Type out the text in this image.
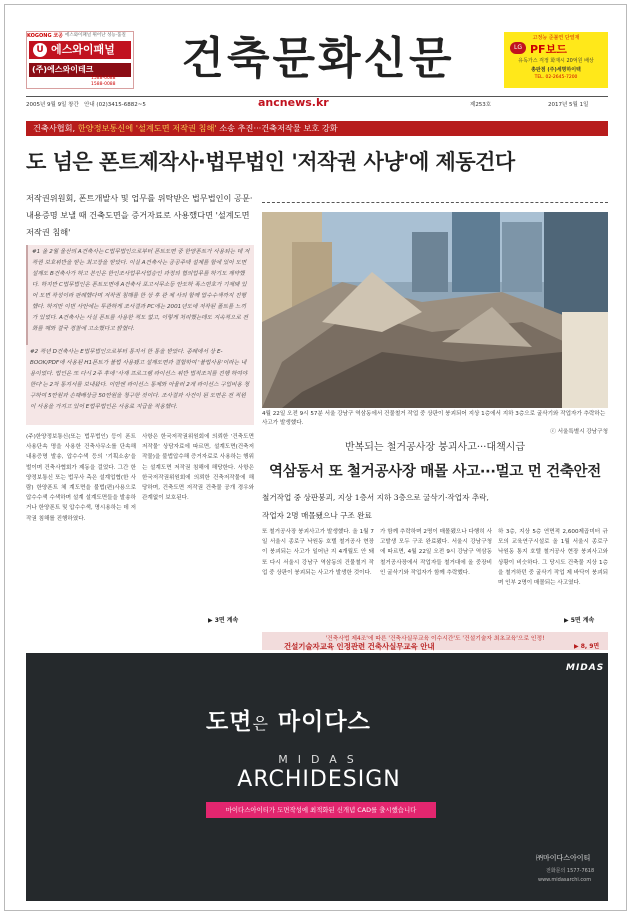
KOGONG 코공 에스와이패널 뛰어난 성능·품질
U 에스와이패널
(주)에스와이테크
1588-0088
1588-0088
건축문화신문	고정능 준불연 단열재
LG PF보드
유독가스 걱정 화재시 20억원 배상
총판점 (주)세명하이텍
TEL. 02-2645-7200
2005년 9월 9일 창간 안내 (02)3415-6882~5	ancnews.kr	제253호	2017년 5월 1일
건축사협회, 한양정보통신에 '설계도면 저작권 침해' 소송 추진···건축저작물 보호 강화
도 넘은 폰트제작사·법무법인 '저작권 사냥'에 제동건다
저작권위원회, 폰트개발사 및 업무를 위탁받은 법무법인이 공문·내용증명 보낼 때 건축도면을 증거자료로 사용했다면 '설계도면 저작권 침해'
#1 올 2월 울산의 A건축사는 C법무법인으로부터 폰트도면 중 한양폰트가 사용되는 데 저작권 보호위반을 받는 최고장을 받았다. 이실 A건축사는 공공주택 설계를 함에 있어 도면 설계도 B건축사가 하고 본인은 한인조사업무사업승인 과정의 협의업무를 하기도 계약했다. 하지만 C법무법인은 폰트도면에 A건축사 포고서무소등 안도하 폭스번호가 기재돼 있어 도면 작성이라 판례했다며 저작권 침해를 한 상 후 관 제 사의 함께 압수수색까지 진행했다. 하지만 이번 사안에는 투관하게 조사결과 PC에는 2001년도에 저작된 폴트를 느끼가 있었다. A건축사는 사실 폰트를 사용한 적도 없고, 이렇게 처리했는데도 지속적으로 전화를 해와 결국 경찰에 고소했다고 밝혔다.
#2 작년 D건축사는 E법무법인으로부터 통지서 한 통을 받았다. 종래에서 상 E-BOOK/PDF에 사용된 H1폰트가 불법 사용됐고 설계도면과 결합하여 '불법사용'이라는 내용이었다. 법인은 또 다시 2주 후에 '사재 프로그램 라이선스 위반 법적조치를 진행 하여야 한다'는 2차 통지서를 보내왔다. 이번엔 라이선스 통제와 아울러 2개 라이선스 구입비용 청구하여 5만원과 손해배상금 50만원을 청구한 것이다. 조사결과 사건이 된 도면은 전 직원이 사용을 가지고 있어 E법무법인은 사용료 지급을 적용했다.
(주)한양정보통신(또는 법무법인) 등이 폰트 사용단속 명을 사용한 건축사무소를 단속해 내용증명 발송, 압수수색 등의 '기획소송'을 벌이며 건축사협회가 제동을 걸었다. 그간 한양정보통신 또는 법무사 측은 설계업협(한 사람) 한양폰트 체 계도면을 불법(편)사용으로 압수수색 수색하며 설계 설계도면들을 발송하거나 한양폰트 및 압수수색, 명시용하는 데 저작권 침해를 진행하였다.
사항은 한국저작권위원회에 의뢰한 '건축도면 저작물' 상담자료에 따르면, 설계도면(건축저작물)을 불법압수해 증거자료로 사용하는 행위는 설계도면 저작권 침해에 해당한다. 사항은 한국저작권위원회에 의뢰한 건축저작물에 해당하며, 건축도면 저작권 건축물 공개 경우와 관계없이 보호된다.
▶ 3면 계속
4월 22일 오전 9시 57분 서울 강남구 역삼동에서 건물철거 작업 중 상판이 붕괴되어 지상 1층에서 지하 3층으로 굴삭기와 작업자가 추락하는 사고가 발생했다.
ⓒ 서울특별시 강남구청
반복되는 철거공사장 붕괴사고···대책시급
역삼동서 또 철거공사장 매몰 사고···멀고 먼 건축안전
철거작업 중 상판붕괴, 지상 1층서 지하 3층으로 굴삭기·작업자 추락, 작업자 2명 매몰됐으나 구조 완료
또 철거공사장 붕괴사고가 발생했다. 올 1월 7일 서울시 종로구 낙원동 호텔 철거공사 현장이 붕괴되는 사고가 일어난 지 4개월도 안 돼 또 다시 서울시 강남구 역삼동의 건물철거 작업 중 상판이 붕괴되는 사고가 발생한 것이다.
가 함께 추락하며 2명이 매몰됐으나 다행히 사고발생 모두 구조 완료됐다. 서울시 강남구청에 따르면, 4월 22일 오전 9시 강남구 역삼동 철거공사장에서 작업자들 철거대에 올 중장비인 굴삭기와 작업자가 함께 추락했다.
하 3층, 지상 5층 연면적 2,600제곱미터 규모의 교육연구시설로 올 1월 서울시 종로구 낙원동 통지 호텔 철거공사 현장 붕괴사고와 상황이 비슷하다. 그 당시도 건축물 지상 1층을 철거하던 중 굴삭기 작업 제 바닥이 붕괴되며 인부 2명이 매몰되는 사고였다.
▶ 5면 계속
'건축사법 제4조'에 따른 '건축사실무교육 이수시간'도 '건설기술자 최초교육'으로 인정!
건설기술자교육 인정관련 건축사실무교육 안내	▶ 8, 9면
MIDAS
도면은 마이다스
MIDAS
ARCHIDESIGN
마이다스아이티가 도면작성에 최적화된 신개념 CAD를 출시했습니다
㈜마이다스아이티
전화문의 1577-7618
www.midasarchi.com
